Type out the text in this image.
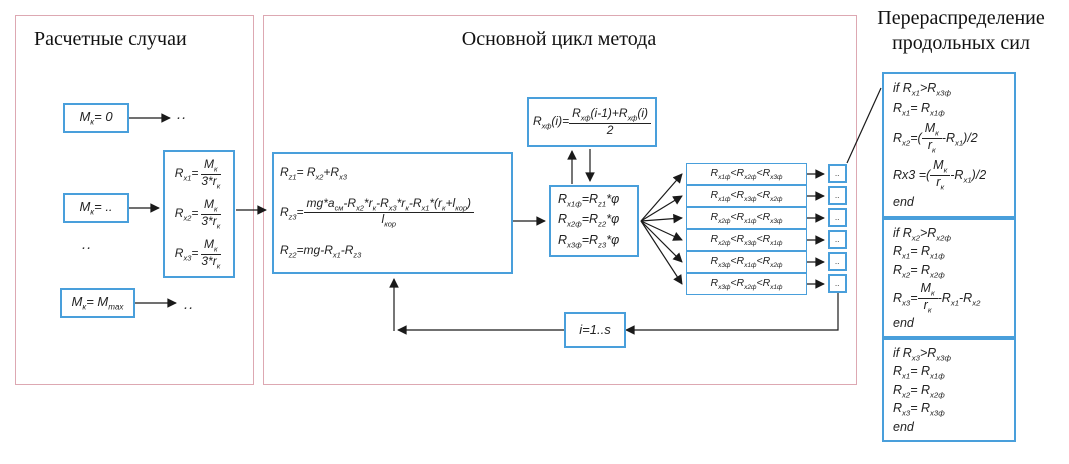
Расчетные случаи	Основной цикл метода
Перераспределение
продольных сил
$M_к= 0$
$M_к=$ ..
$M_к= M_{max}$
..
..
..
$R_{х1}= \frac{M_к}{3*r_к}$
$R_{х2}= \frac{M_к}{3*r_к}$
$R_{х3}= \frac{M_к}{3*r_к}$
$R_{хф}(i)= \frac{R_{хф}(i-1)+R_{хф}(i)}{2}$
$R_{z1}= R_{х2}+R_{х3}$
$R_{z3}= \frac{mg*a_{см}-R_{х2}*r_к-R_{х3}*r_к-R_{х1}*(r_к+l_{кор})}{l_{кор}}$
$R_{z2}=mg-R_{х1}-R_{z3}$
$R_{х1ф}=R_{z1}*\varphi$
$R_{х2ф}=R_{z2}*\varphi$
$R_{х3ф}=R_{z3}*\varphi$
$R_{х1ф}<R_{х2ф}<R_{х3ф}$
$R_{х1ф}<R_{х3ф}<R_{х2ф}$
$R_{х2ф}<R_{х1ф}<R_{х3ф}$
$R_{х2ф}<R_{х3ф}<R_{х1ф}$
$R_{х3ф}<R_{х1ф}<R_{х2ф}$
$R_{х3ф}<R_{х2ф}<R_{х1ф}$
..
..
..
..
..
..
i=1..s
if $R_{х1}>R_{х3ф}$
$R_{х1}= R_{х1ф}$
$R_{х2}=( \frac{M_к}{r_к} -R_{х1})/2$
Rх3 =( $\frac{M_к}{r_к} -R_{х1})/2$
end
if $R_{х2}>R_{х2ф}$
$R_{х1}= R_{х1ф}$
$R_{х2}= R_{х2ф}$
$R_{х3}= \frac{M_к}{r_к} -R_{х1}-R_{х2}$
end
if $R_{х3}>R_{х3ф}$
$R_{х1}= R_{х1ф}$
$R_{х2}= R_{х2ф}$
$R_{х3}= R_{х3ф}$
end
